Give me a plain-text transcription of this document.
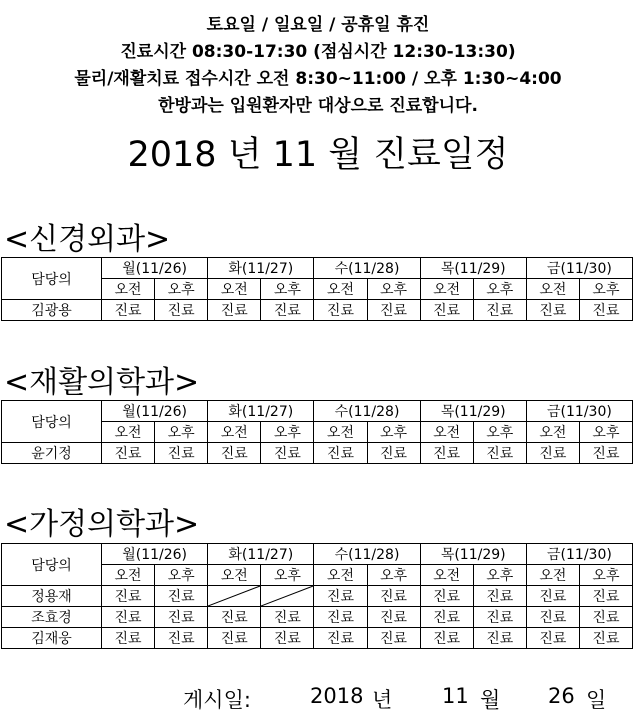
토요일 / 일요일 / 공휴일 휴진
진료시간 08:30-17:30 (점심시간 12:30-13:30)
물리/재활치료 접수시간 오전 8:30~11:00 / 오후 1:30~4:00
한방과는 입원환자만 대상으로 진료합니다.
2018 년 11 월 진료일정
<신경외과>
담당의	월(11/26)		화(11/27)		수(11/28)		목(11/29)		금(11/30)	
	오전	오후	오전	오후	오전	오후	오전	오후	오전	오후
김광용	진료	진료	진료	진료	진료	진료	진료	진료	진료	진료
<재활의학과>
담당의	월(11/26)		화(11/27)		수(11/28)		목(11/29)		금(11/30)	
	오전	오후	오전	오후	오전	오후	오전	오후	오전	오후
윤기정	진료	진료	진료	진료	진료	진료	진료	진료	진료	진료
<가정의학과>
담당의	월(11/26)		화(11/27)		수(11/28)		목(11/29)		금(11/30)	
	오전	오후	오전	오후	오전	오후	오전	오후	오전	오후
정용재	진료	진료			진료	진료	진료	진료	진료	진료
조효경	진료	진료	진료	진료	진료	진료	진료	진료	진료	진료
김재웅	진료	진료	진료	진료	진료	진료	진료	진료	진료	진료
게시일:	2018 년 11 월 26 일
